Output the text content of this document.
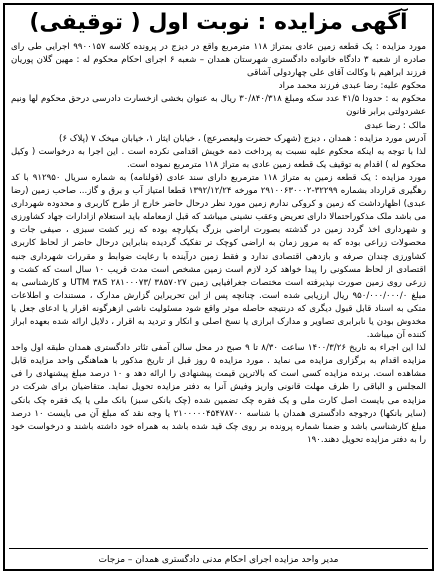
آگهی مزایده : نوبت اول ( توقیفی)

مورد مزایده : یک قطعه زمین عادی بمتراژ ۱۱۸ مترمربع واقع در دیزج در پرونده کلاسه ۹۹۰۰۱۵۷ اجرایی طی رای صادره از شعبه ۳ دادگاه خانواده دادگستری شهرستان همدان – شعبه ۶ اجرای احکام محکوم له : مهین گلان پوریان فرزند ابراهیم با وکالت آقای علی چهاردولی آشاقی

محکوم علیه: رضا عبدی فرزند محمد مراد

محکوم به : حدودا ۴۱/۵ عدد سکه ومبلغ ۳۰/۸۴۰/۳۱۸ ریال به عنوان بخشی ازخسارت دادرسی درحق محکوم لها ونیم عشردولتی برابر قانون

مالک : رضا عبدی

آدرس مورد مزایده : همدان ، دیزج (شهرک حضرت ولیعصرعج) ، خیابان ایثار ۱، خیابان میخک ۷ (پلاک ۶)

لذا با توجه به اینکه محکوم علیه نسبت به پرداخت ذمه خویش اقدامی نکرده است . این اجرا به درخواست ( وکیل محکوم له ) اقدام به توقیف یک قطعه زمین عادی به متراژ ۱۱۸ مترمربع نموده است.

مورد مزایده : یک قطعه زمین به متراژ ۱۱۸ مترمربع دارای سند عادی (قولنامه) به شماره سریال ۹۱۲۹۵۰ با کد رهگیری قرارداد بشماره ۳۲۲۹۹-۲۹۱۰۰۶۳۰۰۰۲ مورخه ۱۳۹۲/۱۲/۲۴ قطعا امتیاز آب و برق و گاز... صاحب زمین (رضا عبدی) اظهارداشت که زمین و کروکی ندارم زمین مورد نظر درحال حاضر خارج از طرح کاربری و محدوده شهرداری می باشد ملک مذکوراحتمالا دارای تعریض وعقب نشینی میباشد که قبل ازمعامله باید استعلام ازادارات جهاد کشاورزی و شهرداری اخذ گردد زمین در گذشته بصورت اراضی بزرگ یکپارچه بوده که زیر کشت سبزی ، صیفی جات و محصولات زراعی بوده که به مرور زمان به اراضی کوچک تر تفکیک گردیده بنابراین درحال حاضر از لحاظ کاربری کشاورزی چندان صرفه و بازدهی اقتصادی ندارد و فقط زمین درآینده با رعایت ضوابط و مقررات شهرداری جنبه اقتصادی از لحاظ مسکونی را پیدا خواهد کرد لازم است زمین مشخص است مدت قریب ۱۰ سال است که کشت و زرعی روی زمین صورت نپذیرفته است مختصات جغرافیایی زمین UTM ۳۸S ۲۸۱۰۰۰۷۳/ ۳۸۵۷۰۲۷ و کارشناسی به مبلغ ۹۵۰/۰۰۰/۰۰۰/۰ ریال ارزیابی شده است. چنانچه پس از این تحریراین گزارش مدارک ، مستندات و اطلاعات متکی به اسناد قابل قبول دیگری که درنتیجه حاصله موثر واقع شود مسئولیت ناشی ازهرگونه اقرار یا ادعای جعل یا مخدوش بودن یا نابرابری تصاویر و مدارک ابرازی یا نسخ اصلی و انکار و تردید به اقرار ، دلایل ارائه شده بعهده ابراز کننده آن میباشد.

لذا این اجراء به تاریخ ۱۴۰۰/۳/۲۶ ساعت ۸/۳۰ تا ۹ صبح در محل سالن آمفی تئاتر دادگستری همدان طبقه اول واحد مزایده اقدام به برگزاری مزایده می نماید . مورد مزایده ۵ روز قبل از تاریخ مذکور با هماهنگی واحد مزایده قابل مشاهده است. برنده مزایده کسی است که بالاترین قیمت پیشنهادی را ارائه دهد و ۱۰ درصد مبلغ پیشنهادی را فی المجلس و الباقی را ظرف مهلت قانونی واریز وفیش آنرا به دفتر مزایده تحویل نماید. متقاضیان برای شرکت در مزایده می بایست اصل کارت ملی و یک فقره چک تضمین شده (چک بانکی سبز) بانک ملی یا یک فقره چک بانکی (سایر بانکها) درجوجه دادگستری همدان با شناسه ۲۱۰۰۰۰۰۴۵۴۷۸۷۰۰ یا وجه نقد که مبلغ آن می بایست ۱۰ درصد مبلغ کارشناسی باشد و ضمنا شماره پرونده بر روی چک قید شده باشد به همراه خود داشته باشند و درخواست خود را به دفتر مزایده تحویل دهند.۱۹۰

مدیر واحد مزایده اجرای احکام مدنی دادگستری همدان – مزجات
